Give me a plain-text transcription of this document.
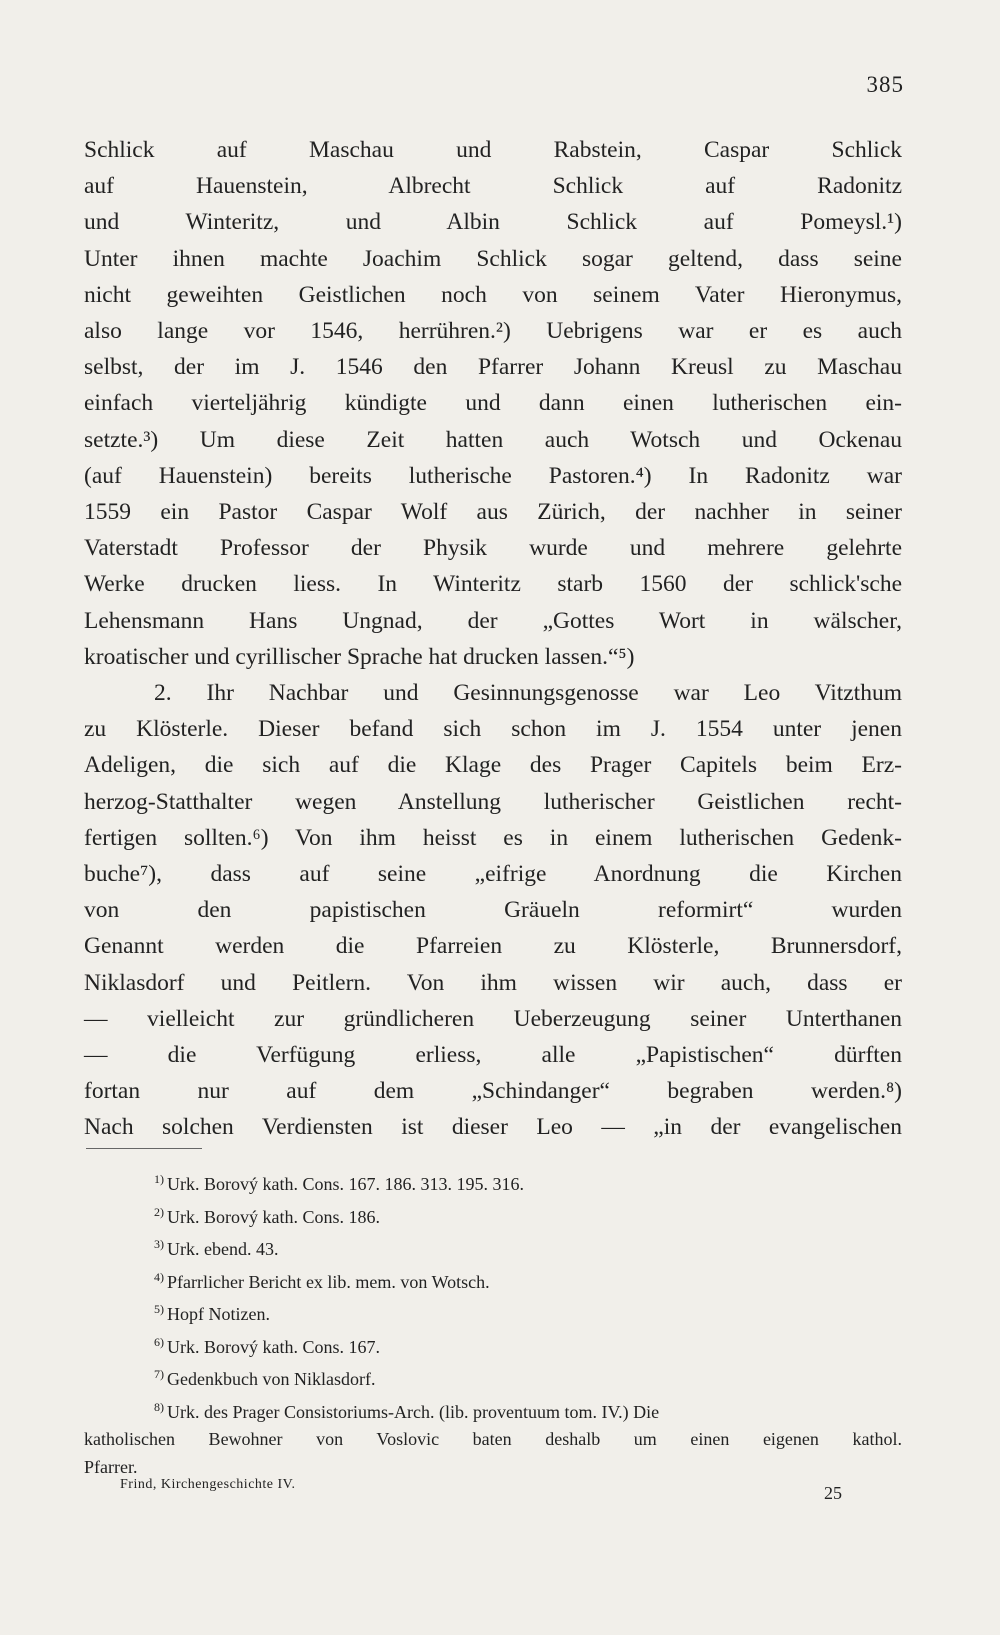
385
Schlick auf Maschau und Rabstein, Caspar Schlick
auf Hauenstein, Albrecht Schlick auf Radonitz
und Winteritz, und Albin Schlick auf Pomeysl.¹)
Unter ihnen machte Joachim Schlick sogar geltend, dass seine
nicht geweihten Geistlichen noch von seinem Vater Hieronymus,
also lange vor 1546, herrühren.²) Uebrigens war er es auch
selbst, der im J. 1546 den Pfarrer Johann Kreusl zu Maschau
einfach vierteljährig kündigte und dann einen lutherischen ein-
setzte.³) Um diese Zeit hatten auch Wotsch und Ockenau
(auf Hauenstein) bereits lutherische Pastoren.⁴) In Radonitz war
1559 ein Pastor Caspar Wolf aus Zürich, der nachher in seiner
Vaterstadt Professor der Physik wurde und mehrere gelehrte
Werke drucken liess. In Winteritz starb 1560 der schlick'sche
Lehensmann Hans Ungnad, der „Gottes Wort in wälscher,
kroatischer und cyrillischer Sprache hat drucken lassen.“⁵)
2. Ihr Nachbar und Gesinnungsgenosse war Leo Vitzthum
zu Klösterle. Dieser befand sich schon im J. 1554 unter jenen
Adeligen, die sich auf die Klage des Prager Capitels beim Erz-
herzog-Statthalter wegen Anstellung lutherischer Geistlichen recht-
fertigen sollten.⁶) Von ihm heisst es in einem lutherischen Gedenk-
buche⁷), dass auf seine „eifrige Anordnung die Kirchen
von den papistischen Gräueln reformirt“ wurden
Genannt werden die Pfarreien zu Klösterle, Brunnersdorf,
Niklasdorf und Peitlern. Von ihm wissen wir auch, dass er
— vielleicht zur gründlicheren Ueberzeugung seiner Unterthanen
— die Verfügung erliess, alle „Papistischen“ dürften
fortan nur auf dem „Schindanger“ begraben werden.⁸)
Nach solchen Verdiensten ist dieser Leo — „in der evangelischen
$^{1)}$ Urk. Borový kath. Cons. 167. 186. 313. 195. 316.
$^{2)}$ Urk. Borový kath. Cons. 186.
$^{3)}$ Urk. ebend. 43.
$^{4)}$ Pfarrlicher Bericht ex lib. mem. von Wotsch.
$^{5)}$ Hopf Notizen.
$^{6)}$ Urk. Borový kath. Cons. 167.
$^{7)}$ Gedenkbuch von Niklasdorf.
$^{8)}$ Urk. des Prager Consistoriums-Arch. (lib. proventuum tom. IV.) Die
katholischen Bewohner von Voslovic baten deshalb um einen eigenen kathol.
Pfarrer.
Frind, Kirchengeschichte IV.	25
